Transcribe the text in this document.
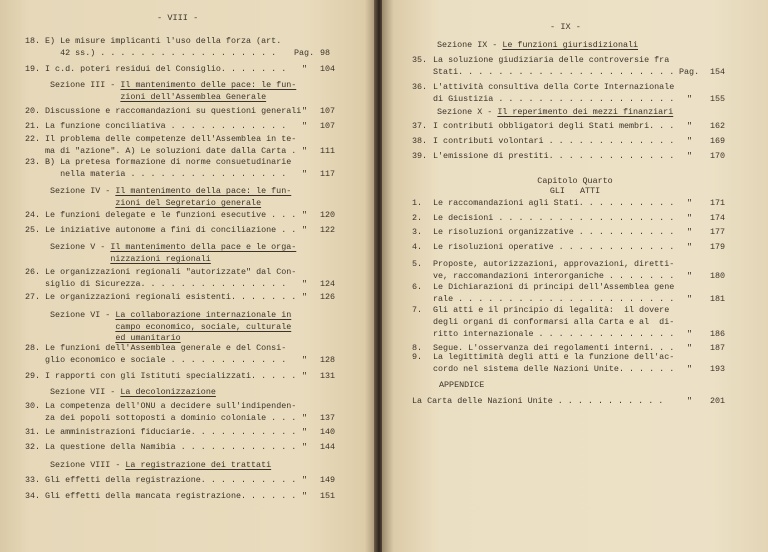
- VIII -
18. E) Le misure implicanti l'uso della forza (art.
42 ss.) . . . . . . . . . . . . . . . . . .	Pag. 98
19. I c.d. poteri residui del Consiglio. . . . . . . " 104
Sezione III - Il mantenimento delle pace: le fun-
zioni dell'Assemblea Generale
20. Discussione e raccomandazioni su questioni generali " 107
21. La funzione conciliativa . . . . . . . . . . . . " 107
22. Il problema delle competenze dell'Assemblea in te-
ma di "azione". A) Le soluzioni date dalla Carta . " 111
23. B) La pretesa formazione di norme consuetudinarie
nella materia . . . . . . . . . . . . . . . .	" 117
Sezione IV - Il mantenimento della pace: le fun-
zioni del Segretario generale
24. Le funzioni delegate e le funzioni esecutive . . . " 120
25. Le iniziative autonome a fini di conciliazione . . " 122
Sezione V - Il mantenimento della pace e le orga-
nizzazioni regionali
26. Le organizzazioni regionali "autorizzate" dal Con-
siglio di Sicurezza. . . . . . . . . . . . . . .	" 124
27. Le organizzazioni regionali esistenti. . . . . . . " 126
Sezione VI - La collaborazione internazionale in
campo economico, sociale, culturale
ed umanitario
28. Le funzioni dell'Assemblea generale e del Consi-
glio economico e sociale . . . . . . . . . . . . " 128
29. I rapporti con gli Istituti specializzati. . . . . " 131
Sezione VII - La decolonizzazione
30. La competenza dell'ONU a decidere sull'indipenden-
za dei popoli sottoposti a dominio coloniale . . . " 137
31. Le amministrazioni fiduciarie. . . . . . . . . . . " 140
32. La questione della Namibia . . . . . . . . . . . . " 144
Sezione VIII - La registrazione dei trattati
33. Gli effetti della registrazione. . . . . . . . . . " 149
34. Gli effetti della mancata registrazione. . . . . . " 151
- IX -
Sezione IX - Le funzioni giurisdizionali
35. La soluzione giudiziaria delle controversie fra
Stati. . . . . . . . . . . . . . . . . . . . . . Pag. 154
36. L'attività consultiva della Corte Internazionale
di Giustizia . . . . . . . . . . . . . . . . . . " 155
Sezione X - Il reperimento dei mezzi finanziari
37. I contributi obbligatori degli Stati membri. . . " 162
38. I contributi volontari . . . . . . . . . . . . . " 169
39. L'emissione di prestiti. . . . . . . . . . . . . " 170
Capitolo Quarto
GLI   ATTI
1. Le raccomandazioni agli Stati. . . . . . . . . . " 171
2. Le decisioni . . . . . . . . . . . . . . . . . . " 174
3. Le risoluzioni organizzative . . . . . . . . . . " 177
4. Le risoluzioni operative . . . . . . . . . . . . " 179
5. Proposte, autorizzazioni, approvazioni, diretti-
ve, raccomandazioni interorganiche . . . . . . . " 180
6. Le Dichiarazioni di principi dell'Assemblea gene
rale . . . . . . . . . . . . . . . . . . . . . . " 181
7. Gli atti e il principio di legalità:  il dovere
degli organi di conformarsi alla Carta e al  di-
ritto internazionale . . . . . . . . . . . . . . " 186
8. Segue. L'osservanza dei regolamenti interni. . . " 187
9. La legittimità degli atti e la funzione dell'ac-
cordo nel sistema delle Nazioni Unite. . . . . . " 193
APPENDICE
La Carta delle Nazioni Unite . . . . . . . . . . .	" 201
